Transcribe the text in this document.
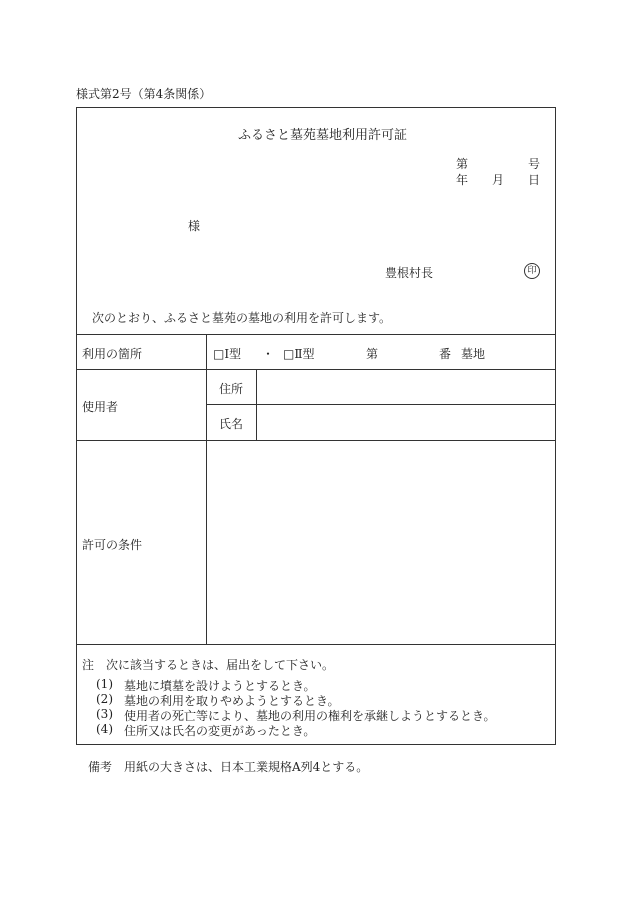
様式第2号（第4条関係）
ふるさと墓苑墓地利用許可証
第	号
年 月 日
様
豊根村長	印
次のとおり、ふるさと墓苑の墓地の利用を許可します。
利用の箇所	□Ⅰ型 ・ □Ⅱ型	第	番 墓地
使用者
住所
氏名
許可の条件
注　次に該当するときは、届出をして下さい。
(1) 墓地に墳墓を設けようとするとき。
(2) 墓地の利用を取りやめようとするとき。
(3) 使用者の死亡等により、墓地の利用の権利を承継しようとするとき。
(4) 住所又は氏名の変更があったとき。
備考　用紙の大きさは、日本工業規格A列4とする。
